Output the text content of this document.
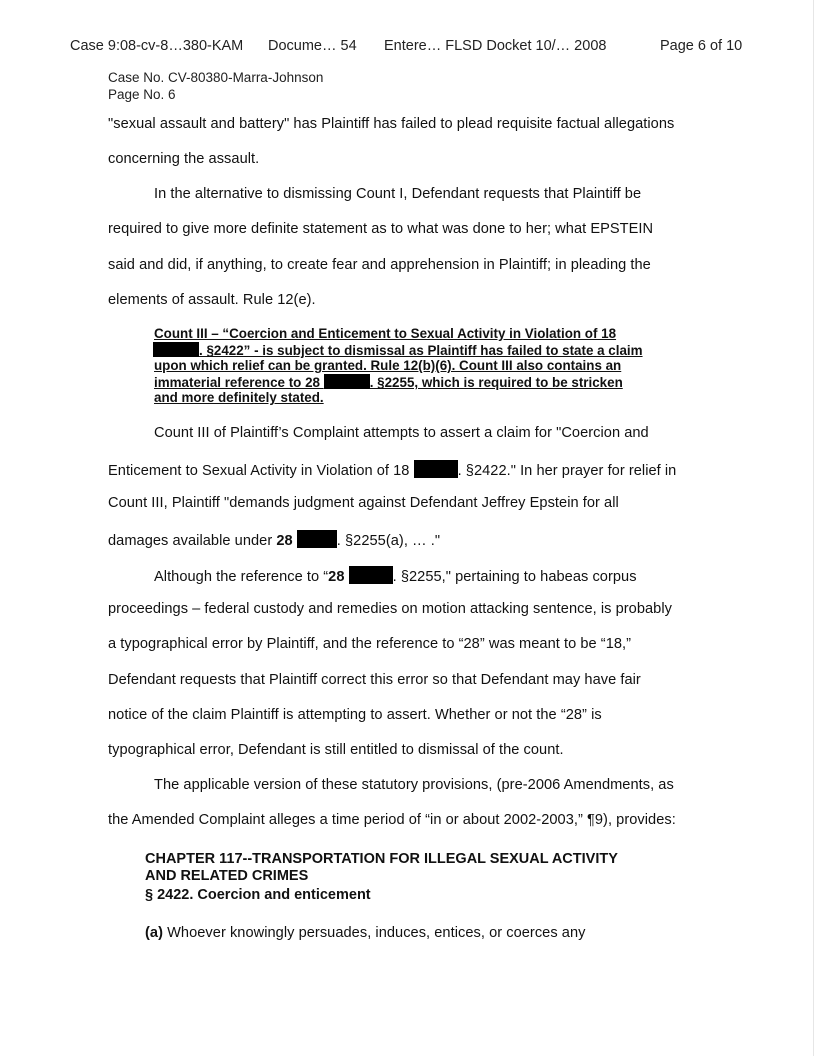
Case 9:08-cv-8…380-KAM Docume… 54 Entere… FLSD Docket 10/… 2008	Page 6 of 10
Case No. CV-80380-Marra-Johnson
Page No. 6
"sexual assault and battery" has Plaintiff has failed to plead requisite factual allegations
concerning the assault.
In the alternative to dismissing Count I, Defendant requests that Plaintiff be
required to give more definite statement as to what was done to her; what EPSTEIN
said and did, if anything, to create fear and apprehension in Plaintiff; in pleading the
elements of assault. Rule 12(e).
Count III – “Coercion and Enticement to Sexual Activity in Violation of 18
. §2422” - is subject to dismissal as Plaintiff has failed to state a claim
upon which relief can be granted. Rule 12(b)(6). Count III also contains an
immaterial reference to 28	. §2255, which is required to be stricken
and more definitely stated.
Count III of Plaintiff’s Complaint attempts to assert a claim for "Coercion and
Enticement to Sexual Activity in Violation of 18	. §2422." In her prayer for relief in
Count III, Plaintiff "demands judgment against Defendant Jeffrey Epstein for all
damages available under 28	. §2255(a), … ."
Although the reference to “28	. §2255," pertaining to habeas corpus
proceedings – federal custody and remedies on motion attacking sentence, is probably
a typographical error by Plaintiff, and the reference to “28” was meant to be “18,”
Defendant requests that Plaintiff correct this error so that Defendant may have fair
notice of the claim Plaintiff is attempting to assert. Whether or not the “28” is
typographical error, Defendant is still entitled to dismissal of the count.
The applicable version of these statutory provisions, (pre-2006 Amendments, as
the Amended Complaint alleges a time period of “in or about 2002-2003,” ¶9), provides:
CHAPTER 117--TRANSPORTATION FOR ILLEGAL SEXUAL ACTIVITY
AND RELATED CRIMES
§ 2422. Coercion and enticement
(a) Whoever knowingly persuades, induces, entices, or coerces any
